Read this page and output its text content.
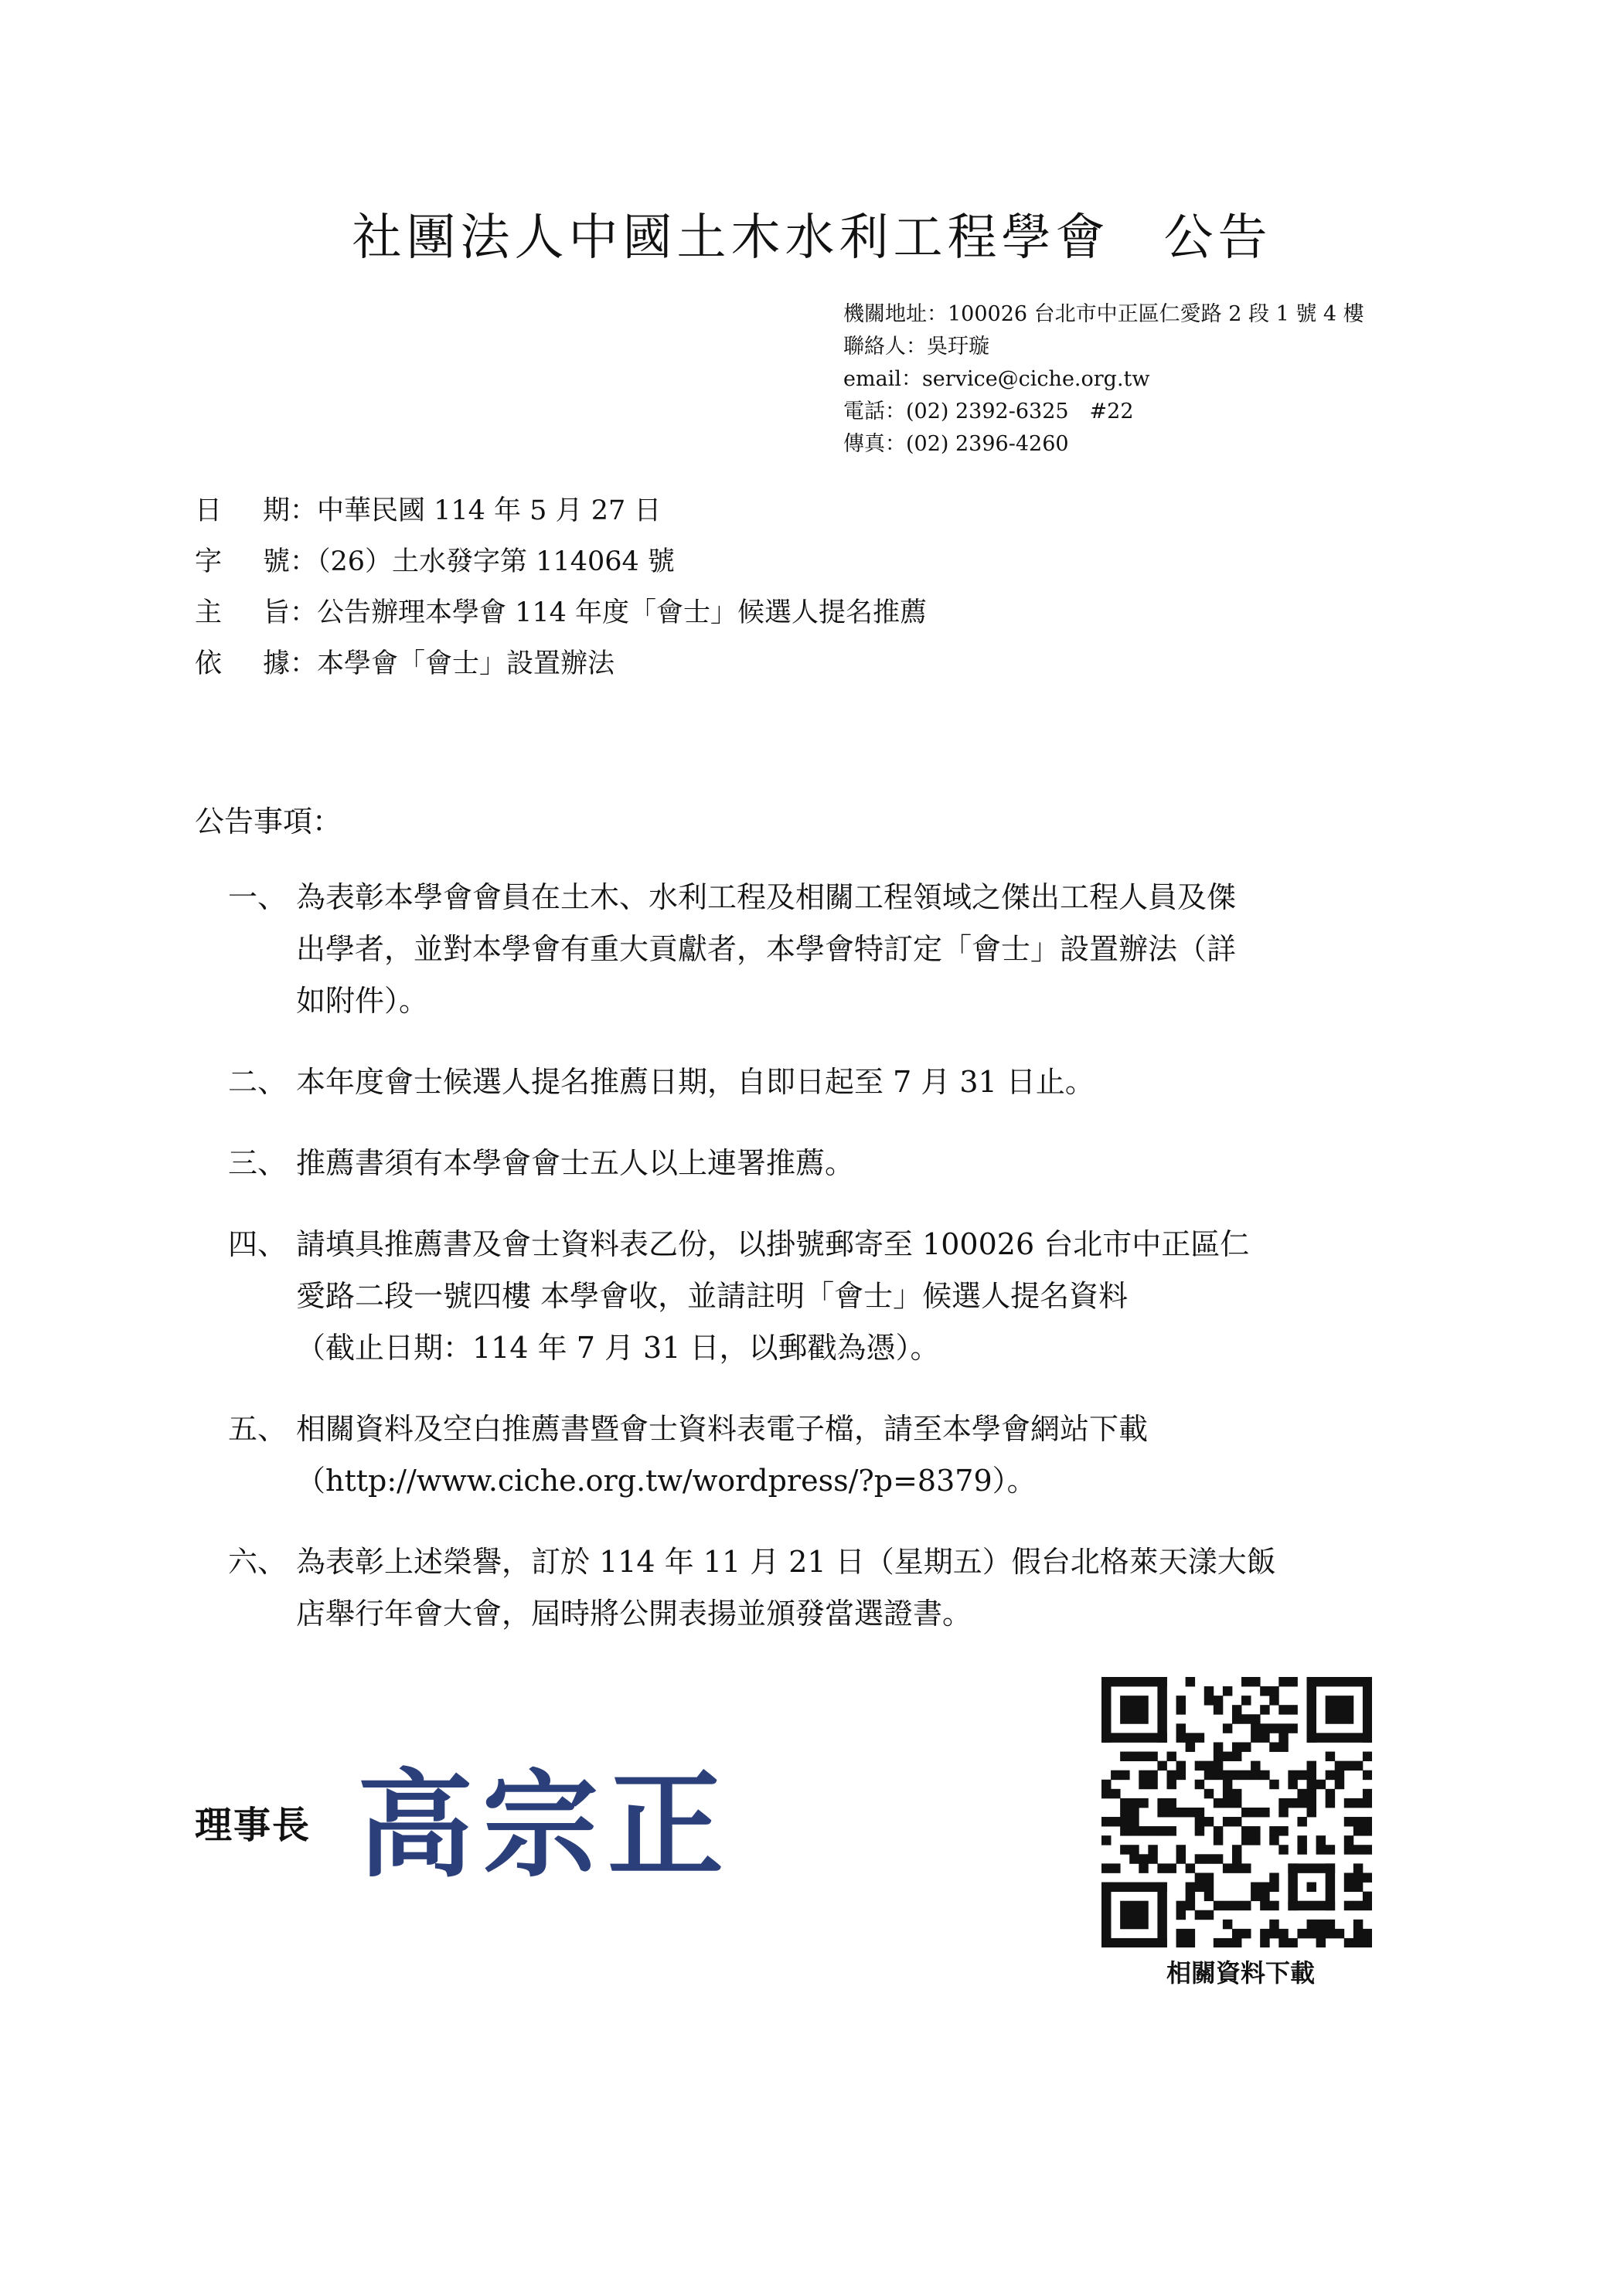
社團法人中國土木水利工程學會　公告
機關地址：100026 台北市中正區仁愛路 2 段 1 號 4 樓
聯絡人：吳玗璇
email：service@ciche.org.tw
電話：(02) 2392-6325　#22
傳真：(02) 2396-4260
日 期 ：中華民國 114 年 5 月 27 日
字 號 ：（26）土水發字第 114064 號
主 旨 ：公告辦理本學會 114 年度「會士」候選人提名推薦
依 據 ：本學會「會士」設置辦法
公告事項：
一、 為表彰本學會會員在土木、水利工程及相關工程領域之傑出工程人員及傑
出學者，並對本學會有重大貢獻者，本學會特訂定「會士」設置辦法（詳
如附件）。
二、 本年度會士候選人提名推薦日期，自即日起至 7 月 31 日止。
三、 推薦書須有本學會會士五人以上連署推薦。
四、 請填具推薦書及會士資料表乙份，以掛號郵寄至 100026 台北市中正區仁
愛路二段一號四樓 本學會收，並請註明「會士」候選人提名資料
（截止日期：114 年 7 月 31 日，以郵戳為憑）。
五、 相關資料及空白推薦書暨會士資料表電子檔，請至本學會網站下載
（http://www.ciche.org.tw/wordpress/?p=8379）。
六、 為表彰上述榮譽，訂於 114 年 11 月 21 日（星期五）假台北格萊天漾大飯
店舉行年會大會，屆時將公開表揚並頒發當選證書。
理事長 高宗正
相關資料下載
